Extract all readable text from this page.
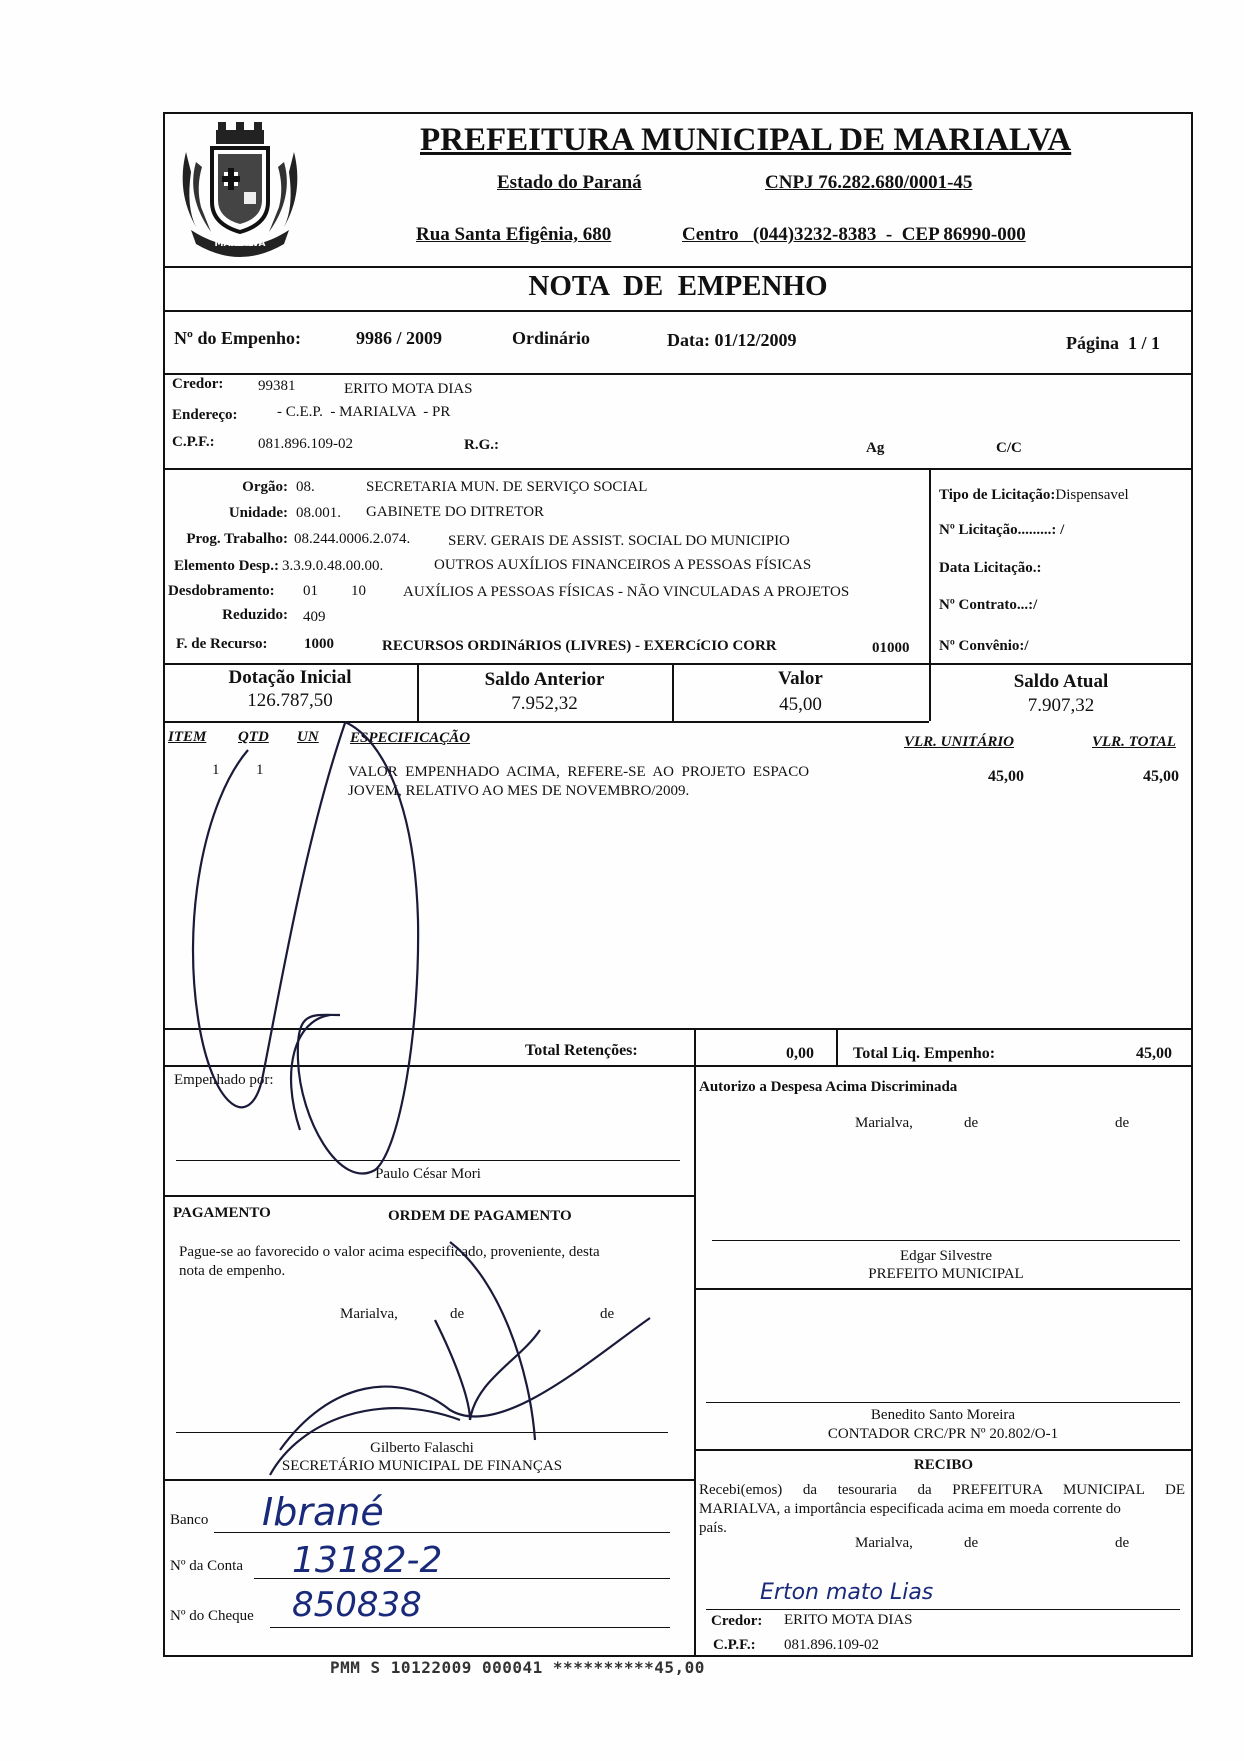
MARIALVA
PREFEITURA MUNICIPAL DE MARIALVA
Estado do Paraná	CNPJ 76.282.680/0001-45
Rua Santa Efigênia, 680	Centro   (044)3232-8383  -  CEP 86990-000
NOTA  DE  EMPENHO
Nº do Empenho:	9986 / 2009	Ordinário	Data: 01/12/2009	Página  1 / 1
Credor: 99381	ERITO MOTA DIAS
Endereço:	- C.E.P.  - MARIALVA  - PR
C.P.F.:	081.896.109-02	R.G.:	Ag	C/C
Orgão: 08.	SECRETARIA MUN. DE SERVIÇO SOCIAL
Unidade: 08.001. GABINETE DO DITRETOR
Prog. Trabalho: 08.244.0006.2.074.	SERV. GERAIS DE ASSIST. SOCIAL DO MUNICIPIO
Elemento Desp.: 3.3.9.0.48.00.00.	OUTROS AUXÍLIOS FINANCEIROS A PESSOAS FÍSICAS
Desdobramento: 01 10 AUXÍLIOS A PESSOAS FÍSICAS - NÃO VINCULADAS A PROJETOS
Reduzido: 409
F. de Recurso: 1000	RECURSOS ORDINáRIOS (LIVRES) - EXERCíCIO CORR	01000
Tipo de Licitação:Dispensavel
Nº Licitação.........: /
Data Licitação.:
Nº Contrato...:/
Nº Convênio:/
Dotação Inicial
126.787,50
Saldo Anterior
7.952,32
Valor
45,00
Saldo Atual
7.907,32
ITEM QTD UN ESPECIFICAÇÃO	VLR. UNITÁRIO	VLR. TOTAL
1 1	VALOR  EMPENHADO  ACIMA,  REFERE-SE  AO  PROJETO  ESPACO
JOVEM, RELATIVO AO MES DE NOVEMBRO/2009.
45,00	45,00
Total Retenções:	0,00 Total Liq. Empenho:	45,00
Empenhado por:
Paulo César Mori
PAGAMENTO	ORDEM DE PAGAMENTO
Pague-se ao favorecido o valor acima especificado, proveniente, desta
nota de empenho.
Marialva,	de	de
Gilberto Falaschi
SECRETÁRIO MUNICIPAL DE FINANÇAS
Banco Ibrané
Nº da Conta 13182-2
Nº do Cheque 850838
Autorizo a Despesa Acima Discriminada
Marialva,	de	de
Edgar Silvestre
PREFEITO MUNICIPAL
Benedito Santo Moreira
CONTADOR CRC/PR Nº 20.802/O-1
RECIBO
Recebi(emos) da tesouraria da PREFEITURA MUNICIPAL DE
MARIALVA, a importância especificada acima em moeda corrente do
país.
Marialva,	de	de
Erton mato Lias
Credor: ERITO MOTA DIAS
C.P.F.: 081.896.109-02
PMM S 10122009 000041 **********45,00
